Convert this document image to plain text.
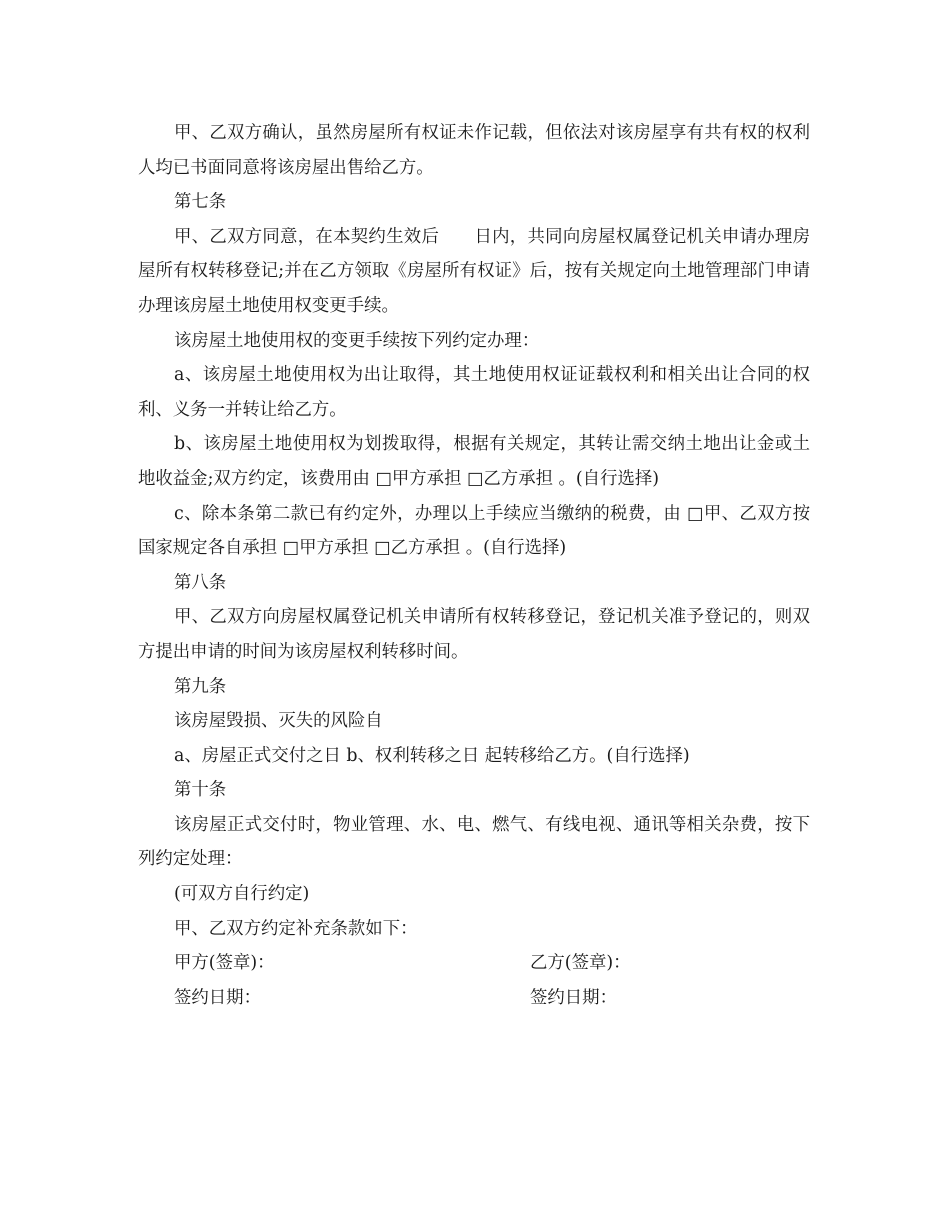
甲、乙双方确认，虽然房屋所有权证未作记载，但依法对该房屋享有共有权的权利人均已书面同意将该房屋出售给乙方。
第七条
甲、乙双方同意，在本契约生效后　　日内，共同向房屋权属登记机关申请办理房屋所有权转移登记;并在乙方领取《房屋所有权证》后，按有关规定向土地管理部门申请办理该房屋土地使用权变更手续。
该房屋土地使用权的变更手续按下列约定办理：
a、该房屋土地使用权为出让取得，其土地使用权证证载权利和相关出让合同的权利、义务一并转让给乙方。
b、该房屋土地使用权为划拨取得，根据有关规定，其转让需交纳土地出让金或土地收益金;双方约定，该费用由 □甲方承担 □乙方承担 。(自行选择)
c、除本条第二款已有约定外，办理以上手续应当缴纳的税费，由 □甲、乙双方按国家规定各自承担 □甲方承担 □乙方承担 。(自行选择)
第八条
甲、乙双方向房屋权属登记机关申请所有权转移登记，登记机关准予登记的，则双方提出申请的时间为该房屋权利转移时间。
第九条
该房屋毁损、灭失的风险自
a、房屋正式交付之日 b、权利转移之日 起转移给乙方。(自行选择)
第十条
该房屋正式交付时，物业管理、水、电、燃气、有线电视、通讯等相关杂费，按下列约定处理：
(可双方自行约定)
甲、乙双方约定补充条款如下：
甲方(签章)：	乙方(签章)：
签约日期：	签约日期：
